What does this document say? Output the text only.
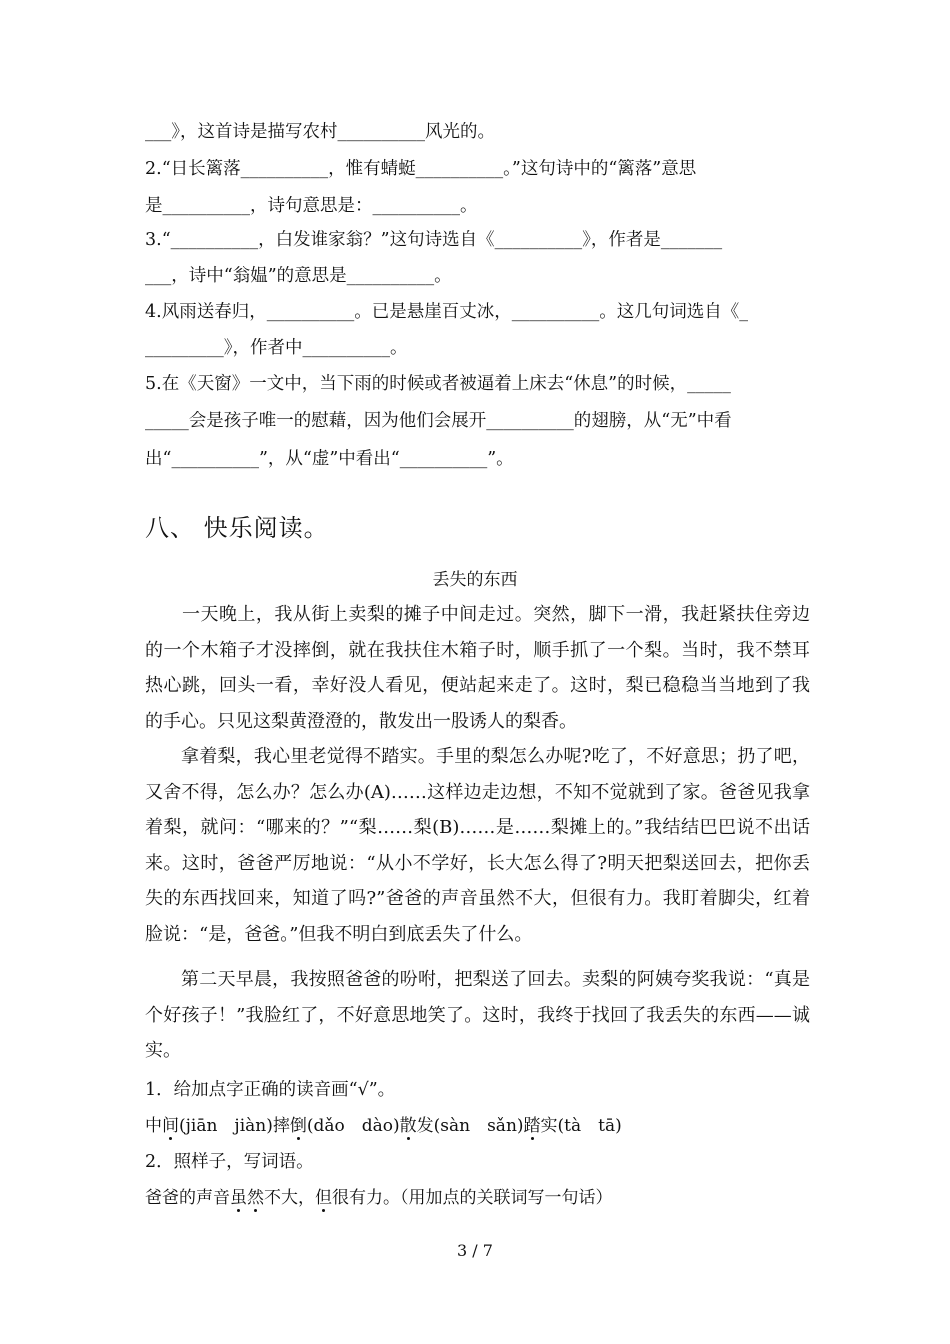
___》，这首诗是描写农村__________风光的。
2.“日长篱落__________，惟有蜻蜓__________。”这句诗中的“篱落”意思
是__________，诗句意思是：__________。
3.“__________，白发谁家翁？”这句诗选自《__________》，作者是_______
___，诗中“翁媪”的意思是__________。
4.风雨送春归，__________。已是悬崖百丈冰，__________。这几句词选自《_
_________》，作者中__________。
5.在《天窗》一文中，当下雨的时候或者被逼着上床去“休息”的时候，_____
_____会是孩子唯一的慰藉，因为他们会展开__________的翅膀，从“无”中看
出“__________”，从“虚”中看出“__________”。
八、 快乐阅读。
丢失的东西
　　一天晚上，我从街上卖梨的摊子中间走过。突然，脚下一滑，我赶紧扶住旁边的一个木箱子才没摔倒，就在我扶住木箱子时，顺手抓了一个梨。当时，我不禁耳热心跳，回头一看，幸好没人看见，便站起来走了。这时，梨已稳稳当当地到了我的手心。只见这梨黄澄澄的，散发出一股诱人的梨香。
拿着梨，我心里老觉得不踏实。手里的梨怎么办呢?吃了，不好意思；扔了吧，又舍不得，怎么办？怎么办(A)……这样边走边想，不知不觉就到了家。爸爸见我拿着梨，就问：“哪来的？”“梨……梨(B)……是……梨摊上的。”我结结巴巴说不出话来。这时，爸爸严厉地说：“从小不学好，长大怎么得了?明天把梨送回去，把你丢失的东西找回来，知道了吗?”爸爸的声音虽然不大，但很有力。我盯着脚尖，红着脸说：“是，爸爸。”但我不明白到底丢失了什么。
第二天早晨，我按照爸爸的吩咐，把梨送了回去。卖梨的阿姨夸奖我说：“真是个好孩子！”我脸红了，不好意思地笑了。这时，我终于找回了我丢失的东西——诚实。
1．给加点字正确的读音画“√”。
中间(jiān　jiàn)摔倒(dǎo　dào)散发(sàn　sǎn)踏实(tà　tā)
2．照样子，写词语。
爸爸的声音虽然不大，但很有力。（用加点的关联词写一句话）
3 / 7
